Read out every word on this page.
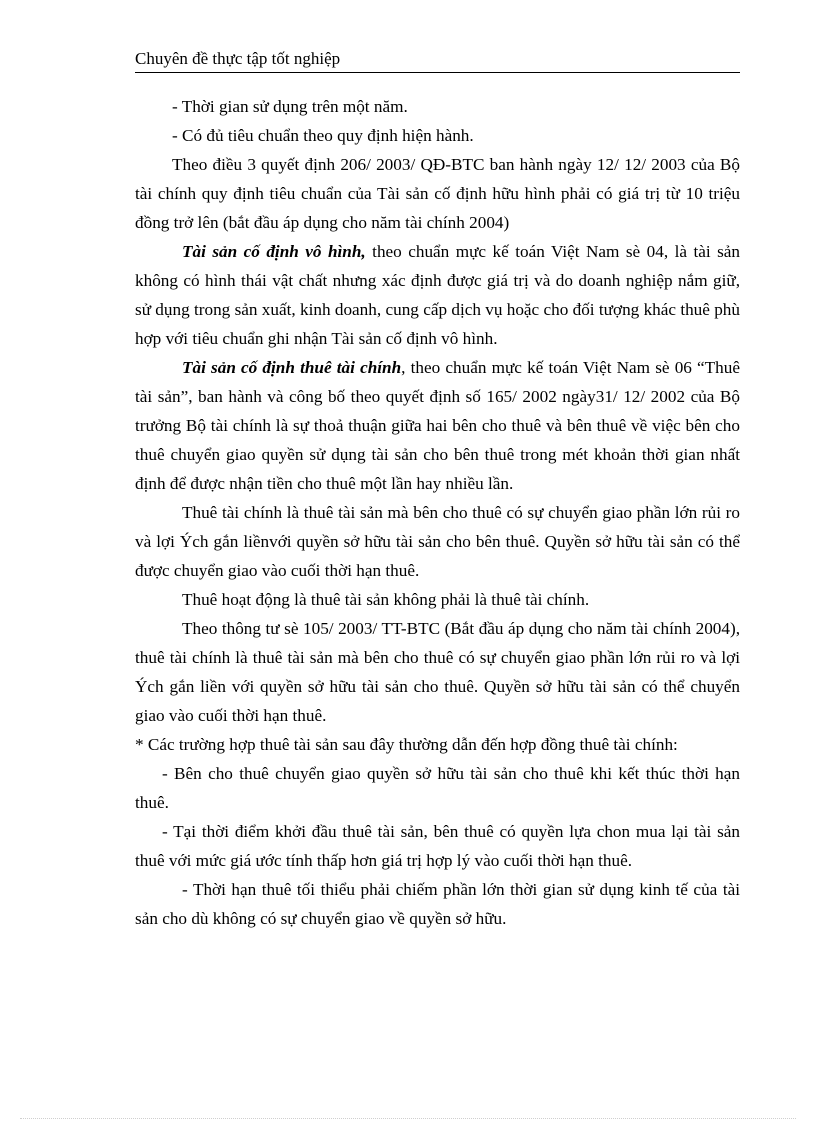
Chuyên đề thực tập tốt nghiệp

- Thời gian sử dụng trên một năm.

- Có đủ tiêu chuẩn theo quy định hiện hành.

Theo điều 3 quyết định 206/ 2003/ QĐ-BTC ban hành ngày 12/ 12/ 2003 của Bộ tài chính quy định tiêu chuẩn của Tài sản cố định hữu hình phải có giá trị từ 10 triệu đồng trở lên (bắt đầu áp dụng cho năm tài chính 2004)

Tài sản cố định vô hình, theo chuẩn mực kế toán Việt Nam sè 04, là tài sản không có hình thái vật chất nhưng xác định được giá trị và do doanh nghiệp nắm giữ, sử dụng trong sản xuất, kinh doanh, cung cấp dịch vụ hoặc cho đối tượng khác thuê phù hợp với tiêu chuẩn ghi nhận Tài sản cố định vô hình.

Tài sản cố định thuê tài chính, theo chuẩn mực kế toán Việt Nam sè 06 “Thuê tài sản”, ban hành và công bố theo quyết định số 165/ 2002 ngày31/ 12/ 2002 của Bộ trưởng Bộ tài chính là sự thoả thuận giữa hai bên cho thuê và bên thuê về việc bên cho thuê chuyển giao quyền sử dụng tài sản cho bên thuê trong mét khoản thời gian nhất định để được nhận tiền cho thuê một lần hay nhiều lần.

Thuê tài chính là thuê tài sản mà bên cho thuê có sự chuyển giao phần lớn rủi ro và lợi Ých gắn liềnvới quyền sở hữu tài sản cho bên thuê. Quyền sở hữu tài sản có thể được chuyển giao vào cuối thời hạn thuê.

Thuê hoạt động là thuê tài sản không phải là thuê tài chính.

Theo thông tư sè 105/ 2003/ TT-BTC (Bắt đầu áp dụng cho năm tài chính 2004), thuê tài chính là thuê tài sản mà bên cho thuê có sự chuyển giao phần lớn rủi ro và lợi Ých gắn liền với quyền sở hữu tài sản cho thuê. Quyền sở hữu tài sản có thể chuyển giao vào cuối thời hạn thuê.

* Các trường hợp thuê tài sản sau đây thường dẫn đến hợp đồng thuê tài chính:

- Bên cho thuê chuyển giao quyền sở hữu tài sản cho thuê khi kết thúc thời hạn thuê.

- Tại thời điểm khởi đầu thuê tài sản, bên thuê có quyền lựa chon mua lại tài sản thuê với mức giá ước tính thấp hơn giá trị hợp lý vào cuối thời hạn thuê.

- Thời hạn thuê tối thiểu phải chiếm phần lớn thời gian sử dụng kinh tế của tài sản cho dù không có sự chuyển giao về quyền sở hữu.
